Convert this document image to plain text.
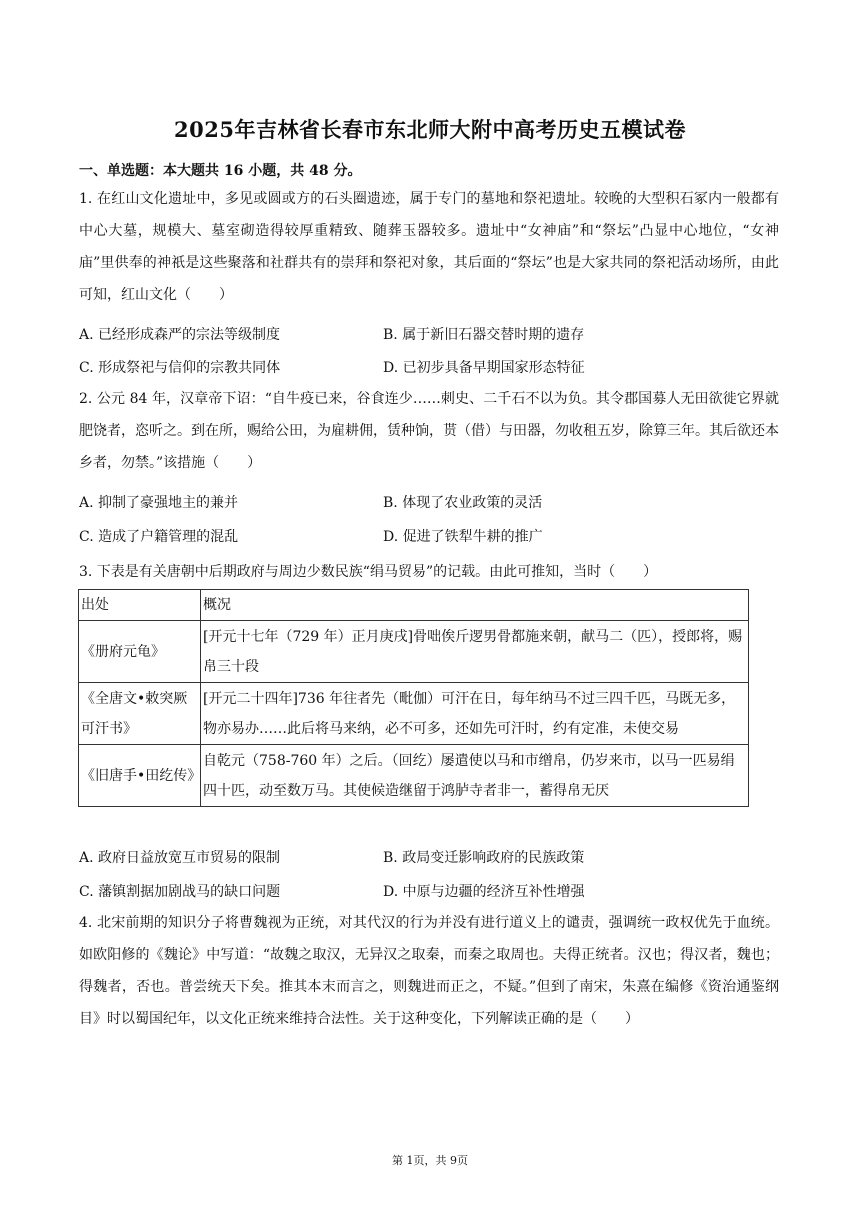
2025年吉林省长春市东北师大附中高考历史五模试卷
一、单选题：本大题共 16 小题，共 48 分。

1. 在红山文化遗址中，多见或圆或方的石头圈遗迹，属于专门的墓地和祭祀遗址。较晚的大型积石冢内一般都有中心大墓，规模大、墓室砌造得较厚重精致、随葬玉器较多。遗址中“女神庙”和“祭坛”凸显中心地位，“女神庙”里供奉的神祇是这些聚落和社群共有的崇拜和祭祀对象，其后面的“祭坛”也是大家共同的祭祀活动场所，由此可知，红山文化（　　）

A. 已经形成森严的宗法等级制度	B. 属于新旧石器交替时期的遗存
C. 形成祭祀与信仰的宗教共同体	D. 已初步具备早期国家形态特征

2. 公元 84 年，汉章帝下诏：“自牛疫已来，谷食连少……刺史、二千石不以为负。其令郡国募人无田欲徙它界就肥饶者，恣听之。到在所，赐给公田，为雇耕佣，赁种饷，贳（借）与田器，勿收租五岁，除算三年。其后欲还本乡者，勿禁。”该措施（　　）

A. 抑制了豪强地主的兼并	B. 体现了农业政策的灵活
C. 造成了户籍管理的混乱	D. 促进了铁犁牛耕的推广

3. 下表是有关唐朝中后期政府与周边少数民族“绢马贸易”的记载。由此可推知，当时（　　）

出处	概况
《册府元龟》	[开元十七年（729 年）正月庚戌]骨咄俟斤逻男骨都施来朝，献马二（匹），授郎将，赐帛三十段
《全唐文•敕突厥可汗书》	[开元二十四年]736 年往者先（毗伽）可汗在日，每年纳马不过三四千匹，马既无多，物亦易办……此后将马来纳，必不可多，还如先可汗时，约有定准，未使交易
《旧唐手•田纥传》	自乾元（758-760 年）之后。（回纥）屡遣使以马和市缯帛，仍岁来市，以马一匹易绢四十匹，动至数万马。其使候造继留于鸿胪寺者非一，蓄得帛无厌
A. 政府日益放宽互市贸易的限制	B. 政局变迁影响政府的民族政策
C. 藩镇割据加剧战马的缺口问题	D. 中原与边疆的经济互补性增强

4. 北宋前期的知识分子将曹魏视为正统，对其代汉的行为并没有进行道义上的谴责，强调统一政权优先于血统。如欧阳修的《魏论》中写道：“故魏之取汉，无异汉之取秦，而秦之取周也。夫得正统者。汉也；得汉者，魏也；得魏者，否也。普尝统天下矣。推其本末而言之，则魏进而正之，不疑。”但到了南宋，朱熹在编修《资治通鉴纲目》时以蜀国纪年，以文化正统来维持合法性。关于这种变化，下列解读正确的是（　　）

第 1页，共 9页
